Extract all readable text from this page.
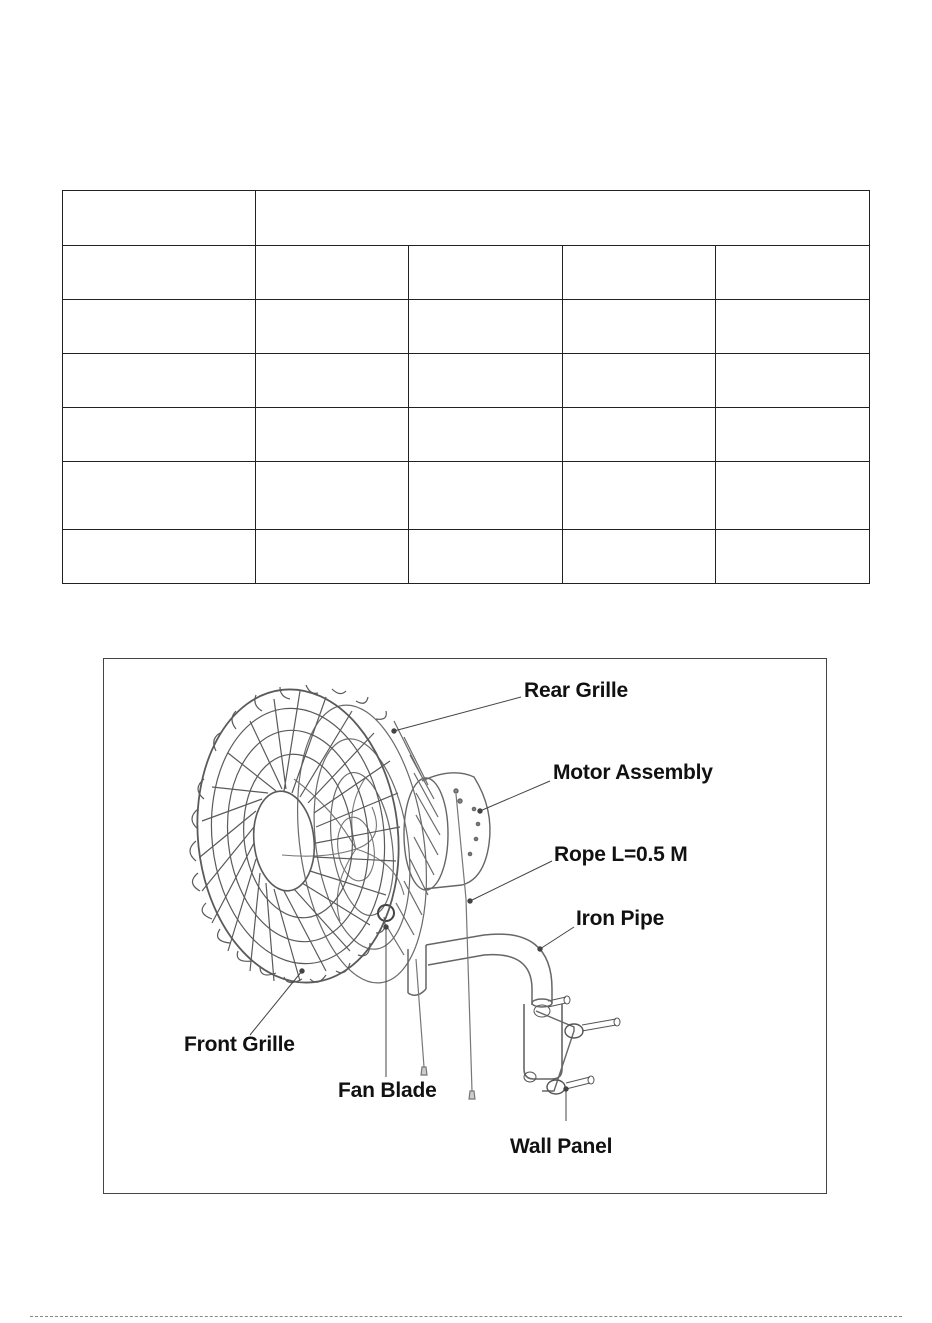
Rear Grille
Motor Assembly
Rope L=0.5 M
Iron Pipe
Front Grille
Fan Blade
Wall Panel
